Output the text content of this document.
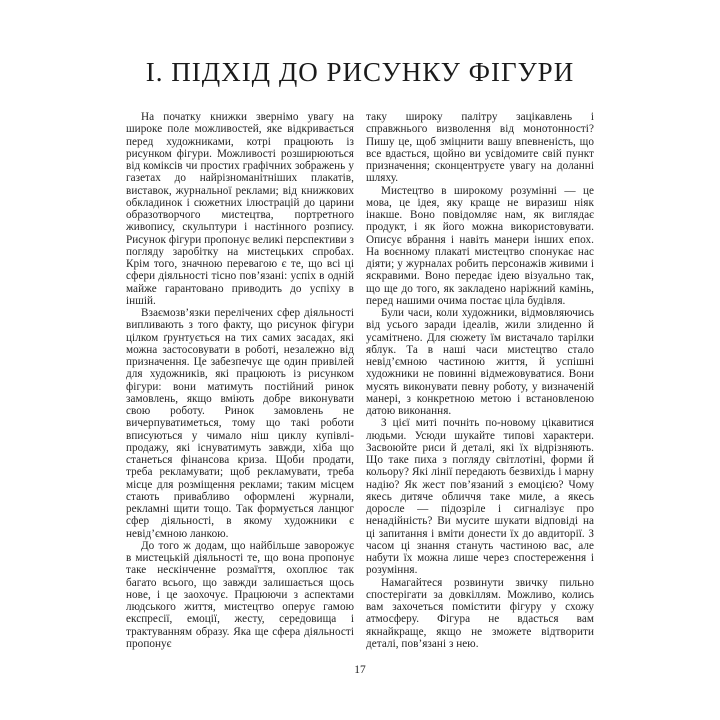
І. ПІДХІД ДО РИСУНКУ ФІГУРИ

На початку книжки звернімо увагу на широке поле можливостей, яке відкривається перед художниками, котрі працюють із рисунком фігури. Можливості розширюються від коміксів чи простих графічних зображень у газетах до найрізноманітніших плакатів, виставок, журнальної реклами; від книжкових обкладинок і сюжетних ілюстрацій до царини образотворчого мистецтва, портретного живопису, скульптури і настінного розпису. Рисунок фігури пропонує великі перспективи з погляду заробітку на мистецьких спробах. Крім того, значною перевагою є те, що всі ці сфери діяльності тісно пов’язані: успіх в одній майже гарантовано приводить до успіху в іншій.

Взаємозв’язки перелічених сфер діяльності випливають з того факту, що рисунок фігури цілком ґрунтується на тих самих засадах, які можна застосовувати в роботі, незалежно від призначення. Це забезпечує ще один привілей для художників, які працюють із рисунком фігури: вони матимуть постійний ринок замовлень, якщо вміють добре виконувати свою роботу. Ринок замовлень не вичерпуватиметься, тому що такі роботи вписуються у чимало ніш циклу купівлі-продажу, які існуватимуть завжди, хіба що станеться фінансова криза. Щоби продати, треба рекламувати; щоб рекламувати, треба місце для розміщення реклами; таким місцем стають привабливо оформлені журнали, рекламні щити тощо. Так формується ланцюг сфер діяльності, в якому художники є невід’ємною ланкою.

До того ж додам, що найбільше заворожує в мистецькій діяльності те, що вона пропонує таке нескінченне розмаїття, охоплює так багато всього, що завжди залишається щось нове, і це заохочує. Працюючи з аспектами людського життя, мистецтво оперує гамою експресії, емоції, жесту, середовища і трактуванням образу. Яка ще сфера діяльності пропонує

таку широку палітру зацікавлень і справжнього визволення від монотонності? Пишу це, щоб зміцнити вашу впевненість, що все вдасться, щойно ви усвідомите свій пункт призначення; сконцентруєте увагу на доланні шляху.

Мистецтво в широкому розумінні — це мова, це ідея, яку краще не виразиш ніяк інакше. Воно повідомляє нам, як виглядає продукт, і як його можна використовувати. Описує вбрання і навіть манери інших епох. На воєнному плакаті мистецтво спонукає нас діяти; у журналах робить персонажів живими і яскравими. Воно передає ідею візуально так, що ще до того, як закладено наріжний камінь, перед нашими очима постає ціла будівля.

Були часи, коли художники, відмовляючись від усього заради ідеалів, жили злиденно й усамітнено. Для сюжету їм вистачало тарілки яблук. Та в наші часи мистецтво стало невід’ємною частиною життя, й успішні художники не повинні відмежовуватися. Вони мусять виконувати певну роботу, у визначеній манері, з конкретною метою і встановленою датою виконання.

З цієї миті почніть по-новому цікавитися людьми. Усюди шукайте типові характери. Засвоюйте риси й деталі, які їх відрізняють. Що таке пиха з погляду світлотіні, форми й кольору? Які лінії передають безвихідь і марну надію? Як жест пов’язаний з емоцією? Чому якесь дитяче обличчя таке миле, а якесь доросле — підозріле і сигналізує про ненадійність? Ви мусите шукати відповіді на ці запитання і вміти донести їх до авдиторії. З часом ці знання стануть частиною вас, але набути їх можна лише через спостереження і розуміння.

Намагайтеся розвинути звичку пильно спостерігати за довкіллям. Можливо, колись вам захочеться помістити фігуру у схожу атмосферу. Фігура не вдасться вам якнайкраще, якщо не зможете відтворити деталі, пов’язані з нею.

17
